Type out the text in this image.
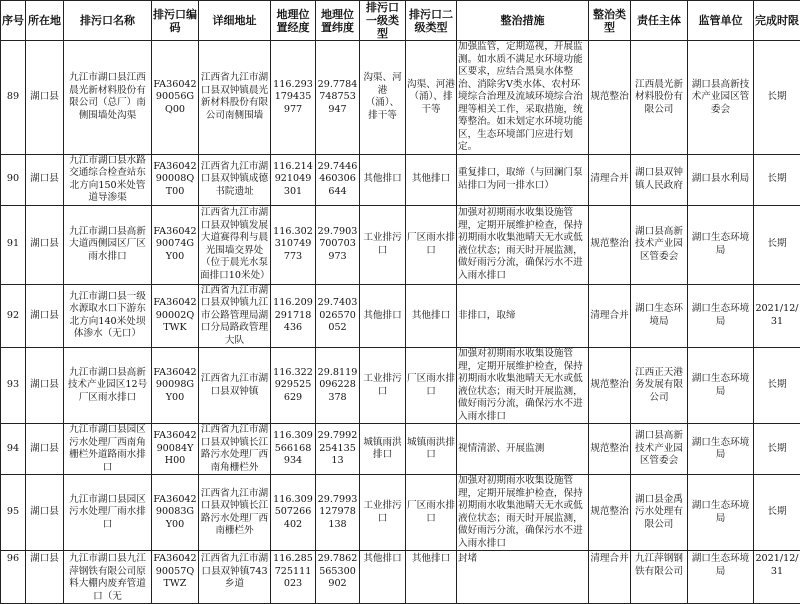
序号	所在地	排污口名称	排污口编码	详细地址	地理位置经度	地理位置纬度	排污口一级类型	排污口二级类型	整治措施	整治类型	责任主体	监管单位	完成时限
89	湖口县	九江市湖口县江西晨光新材料股份有限公司（总厂）南侧围墙处沟渠	FA3604290056GQ00	江西省九江市湖口县双钟镇晨光新材料股份有限公司南侧围墙	116.293179435977	29.7784748753947	沟渠、河港（涌）、排干等	沟渠、河港（涌）、排干等	加强监管，定期巡视，开展监测。如水质不满足水环境功能区要求，应结合黑臭水体整治、消除劣V类水体、农村环境综合治理及流域环境综合治理等相关工作，采取措施，统筹整治。如未划定水环境功能区，生态环境部门应进行划定。	规范整治	江西晨光新材料股份有限公司	湖口县高新技术产业园区管委会	长期
90	湖口县	九江市湖口县水路交通综合检查站东北方向150米处管道导渗渠	FA3604290008QT00	江西省九江市湖口县双钟镇成德书院遗址	116.214921049301	29.7446460306644	其他排口	其他排口	重复排口，取缔（与回澜门泵站排口为同一排水口）	清理合并	湖口县双钟镇人民政府	湖口县水利局	长期
91	湖口县	九江市湖口县高新大道西侧园区厂区雨水排口	FA3604290074GY00	江西省九江市湖口县双钟镇发展大道赛得利与晨光围墙交界处（位于晨光水泵面排口10米处）	116.302310749773	29.7903700703973	工业排污口	厂区雨水排口	加强对初期雨水收集设施管理，定期开展维护检查，保持初期雨水收集池晴天无水或低液位状态；雨天时开展监测，做好雨污分流，确保污水不进入雨水排口	规范整治	湖口县高新技术产业园区管委会	湖口生态环境局	长期
92	湖口县	九江市湖口县一级水源取水口下游东北方向140米处坝体渗水（无口）	FA3604290002QTWK	江西省九江市湖口县双钟镇九江市公路管理局湖口分局路政管理大队	116.209291718436	29.7403026570052	其他排口	其他排口	非排口，取缔	清理合并	湖口生态环境局	湖口生态环境局	2021/12/31
93	湖口县	九江市湖口县高新技术产业园区12号厂区雨水排口	FA3604290098GY00	江西省九江市湖口县双钟镇	116.322929525629	29.8119096228378	工业排污口	厂区雨水排口	加强对初期雨水收集设施管理，定期开展维护检查，保持初期雨水收集池晴天无水或低液位状态；雨天时开展监测，做好雨污分流，确保污水不进入雨水排口	规范整治	江西正天港务发展有限公司	湖口生态环境局	长期
94	湖口县	九江市湖口县园区污水处理厂西南角栅栏外道路雨水排口	FA3604290084YH00	江西省九江市湖口县双钟镇长江路污水处理厂西南角栅栏外	116.309566168934	29.799225413513	城镇雨洪排口	城镇雨洪排口	视情清淤、开展监测	规范整治	湖口县高新技术产业园区管委会	湖口生态环境局	长期
95	湖口县	九江市湖口县园区污水处理厂雨水排口	FA3604290083GY00	江西省九江市湖口县双钟镇长江路污水处理厂西南栅栏外	116.309507266402	29.7993127978138	工业排污口	厂区雨水排口	加强对初期雨水收集设施管理，定期开展维护检查，保持初期雨水收集池晴天无水或低液位状态；雨天时开展监测，做好雨污分流，确保污水不进入雨水排口	规范整治	湖口县金禹污水处理有限公司	湖口生态环境局	长期
96	湖口县	九江市湖口县九江萍钢铁有限公司原料大棚内废弃管道口（无	FA3604290057QTWZ	江西省九江市湖口县双钟镇743乡道	116.285725111023	29.7862565300902	其他排口	其他排口	封堵	清理合并	九江萍钢钢铁有限公司	湖口生态环境局	2021/12/31
